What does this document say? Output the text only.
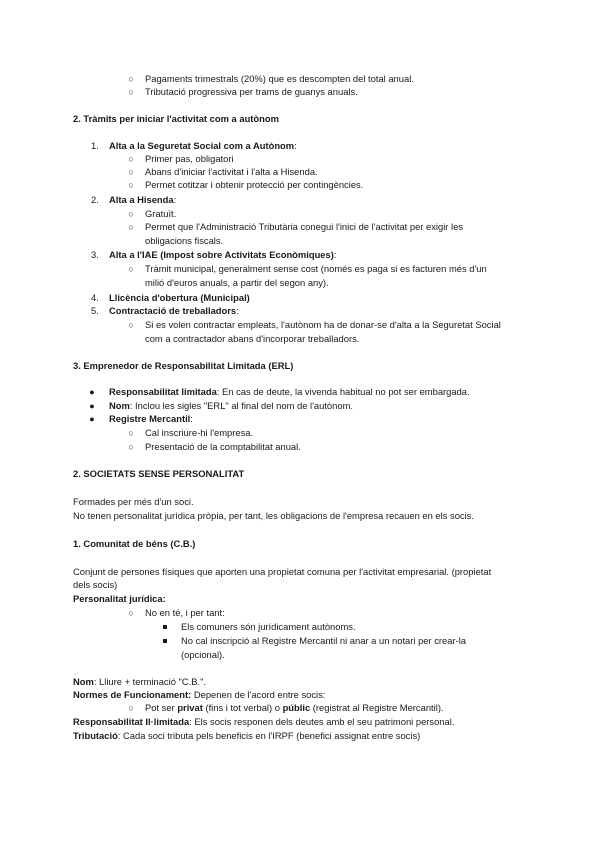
○ Pagaments trimestrals (20%) que es descompten del total anual.
○ Tributació progressiva per trams de guanys anuals.
2. Tràmits per iniciar l'activitat com a autònom
1. Alta a la Seguretat Social com a Autònom:
○ Primer pas, obligatori
○ Abans d'iniciar l'activitat i l'alta a Hisenda.
○ Permet cotitzar i obtenir protecció per contingències.
2. Alta a Hisenda:
○ Gratuït.
○ Permet que l'Administració Tributària conegui l'inici de l'activitat per exigir les
obligacions fiscals.
3. Alta a l'IAE (Impost sobre Activitats Econòmiques):
○ Tràmit municipal, generalment sense cost (només es paga si es facturen més d'un
milió d'euros anuals, a partir del segon any).
4. Llicència d'obertura (Municipal)
5. Contractació de treballadors:
○ Si es volen contractar empleats, l'autònom ha de donar-se d'alta a la Seguretat Social
com a contractador abans d'incorporar treballadors.
3. Emprenedor de Responsabilitat Limitada (ERL)
● Responsabilitat limitada: En cas de deute, la vivenda habitual no pot ser embargada.
● Nom: Inclou les sigles "ERL" al final del nom de l'autònom.
● Registre Mercantil:
○ Cal inscriure-hi l'empresa.
○ Presentació de la comptabilitat anual.
2. SOCIETATS SENSE PERSONALITAT
Formades per més d'un soci.
No tenen personalitat jurídica pròpia, per tant, les obligacions de l'empresa recauen en els socis.
1. Comunitat de béns (C.B.)
Conjunt de persones físiques que aporten una propietat comuna per l'activitat empresarial. (propietat
dels socis)
Personalitat jurídica:
○ No en té, i per tant:
Els comuners són jurídicament autònoms.
No cal inscripció al Registre Mercantil ni anar a un notari per crear-la
(opcional).
Nom: Lliure + terminació "C.B.".
Normes de Funcionament: Depenen de l'acord entre socis:
○ Pot ser privat (fins i tot verbal) o públic (registrat al Registre Mercantil).
Responsabilitat Il·limitada: Els socis responen dels deutes amb el seu patrimoni personal.
Tributació: Cada soci tributa pels beneficis en l'IRPF (benefici assignat entre socis)
